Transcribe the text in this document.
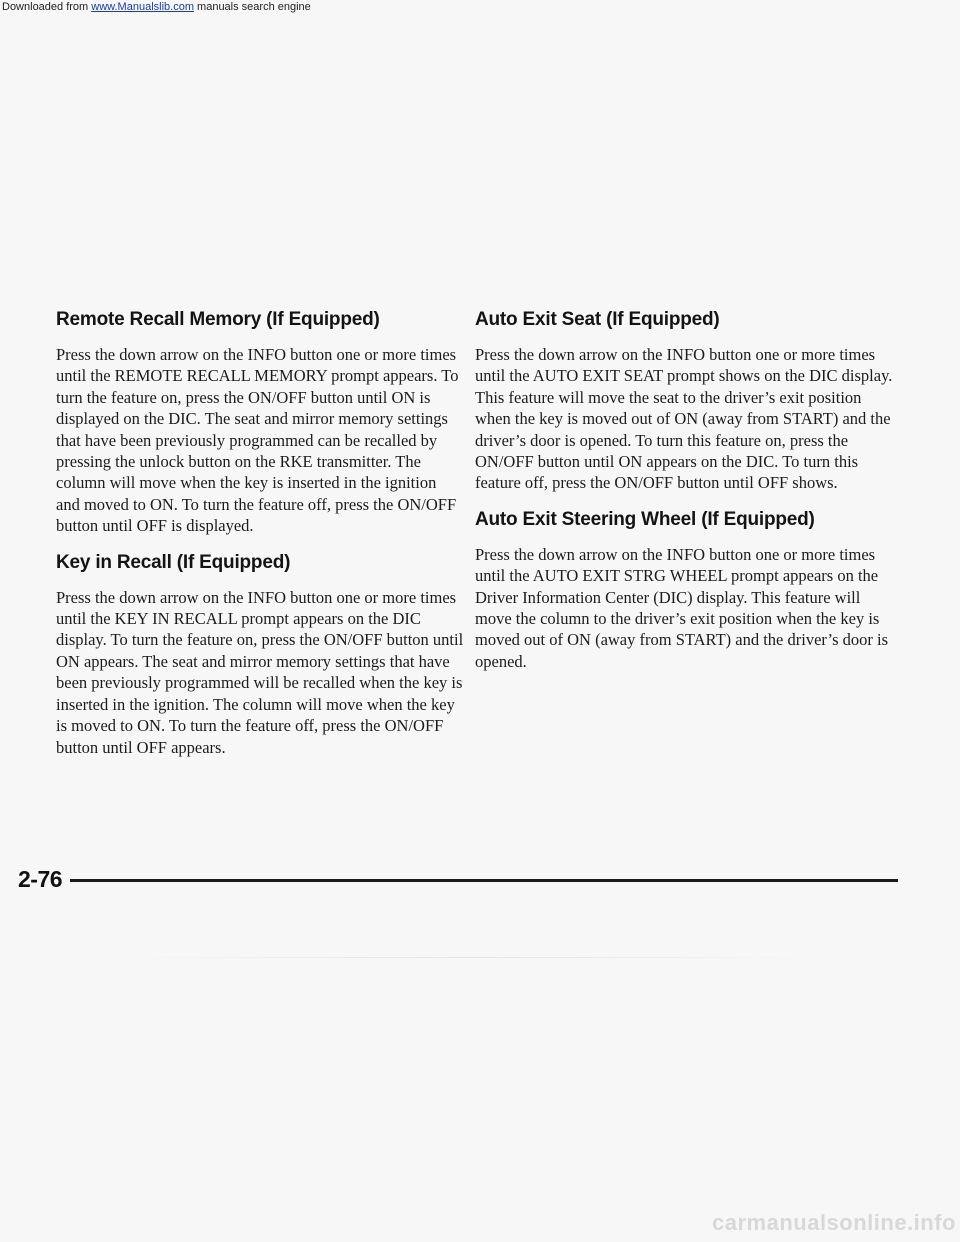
Downloaded from www.Manualslib.com manuals search engine
Remote Recall Memory (If Equipped)

Press the down arrow on the INFO button one or more times until the REMOTE RECALL MEMORY prompt appears. To turn the feature on, press the ON/OFF button until ON is displayed on the DIC. The seat and mirror memory settings that have been previously programmed can be recalled by pressing the unlock button on the RKE transmitter. The column will move when the key is inserted in the ignition and moved to ON. To turn the feature off, press the ON/OFF button until OFF is displayed.

Key in Recall (If Equipped)

Press the down arrow on the INFO button one or more times until the KEY IN RECALL prompt appears on the DIC display. To turn the feature on, press the ON/OFF button until ON appears. The seat and mirror memory settings that have been previously programmed will be recalled when the key is inserted in the ignition. The column will move when the key is moved to ON. To turn the feature off, press the ON/OFF button until OFF appears.

Auto Exit Seat (If Equipped)

Press the down arrow on the INFO button one or more times until the AUTO EXIT SEAT prompt shows on the DIC display. This feature will move the seat to the driver’s exit position when the key is moved out of ON (away from START) and the driver’s door is opened. To turn this feature on, press the ON/OFF button until ON appears on the DIC. To turn this feature off, press the ON/OFF button until OFF shows.

Auto Exit Steering Wheel (If Equipped)

Press the down arrow on the INFO button one or more times until the AUTO EXIT STRG WHEEL prompt appears on the Driver Information Center (DIC) display. This feature will move the column to the driver’s exit position when the key is moved out of ON (away from START) and the driver’s door is opened.

2-76
carmanualsonline.info
